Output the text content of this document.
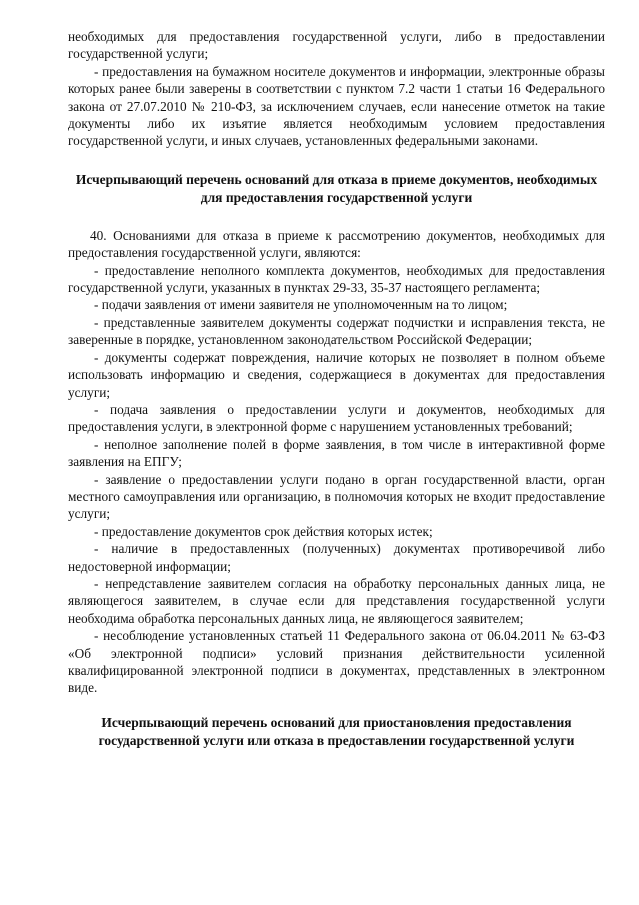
необходимых для предоставления государственной услуги, либо в предоставлении государственной услуги;

- предоставления на бумажном носителе документов и информации, электронные образы которых ранее были заверены в соответствии с пунктом 7.2 части 1 статьи 16 Федерального закона от 27.07.2010 № 210-ФЗ, за исключением случаев, если нанесение отметок на такие документы либо их изъятие является необходимым условием предоставления государственной услуги, и иных случаев, установленных федеральными законами.

Исчерпывающий перечень оснований для отказа в приеме документов, необходимых для предоставления государственной услуги

40. Основаниями для отказа в приеме к рассмотрению документов, необходимых для предоставления государственной услуги, являются:

- предоставление неполного комплекта документов, необходимых для предоставления государственной услуги, указанных в пунктах 29-33, 35-37 настоящего регламента;

- подачи заявления от имени заявителя не уполномоченным на то лицом;

- представленные заявителем документы содержат подчистки и исправления текста, не заверенные в порядке, установленном законодательством Российской Федерации;

- документы содержат повреждения, наличие которых не позволяет в полном объеме использовать информацию и сведения, содержащиеся в документах для предоставления услуги;

- подача заявления о предоставлении услуги и документов, необходимых для предоставления услуги, в электронной форме с нарушением установленных требований;

- неполное заполнение полей в форме заявления, в том числе в интерактивной форме заявления на ЕПГУ;

- заявление о предоставлении услуги подано в орган государственной власти, орган местного самоуправления или организацию, в полномочия которых не входит предоставление услуги;

- предоставление документов срок действия которых истек;

- наличие в предоставленных (полученных) документах противоречивой либо недостоверной информации;

- непредставление заявителем согласия на обработку персональных данных лица, не являющегося заявителем, в случае если для представления государственной услуги необходима обработка персональных данных лица, не являющегося заявителем;

- несоблюдение установленных статьей 11 Федерального закона от 06.04.2011 № 63-ФЗ «Об электронной подписи» условий признания действительности усиленной квалифицированной электронной подписи в документах, представленных в электронном виде.

Исчерпывающий перечень оснований для приостановления предоставления государственной услуги или отказа в предоставлении государственной услуги
